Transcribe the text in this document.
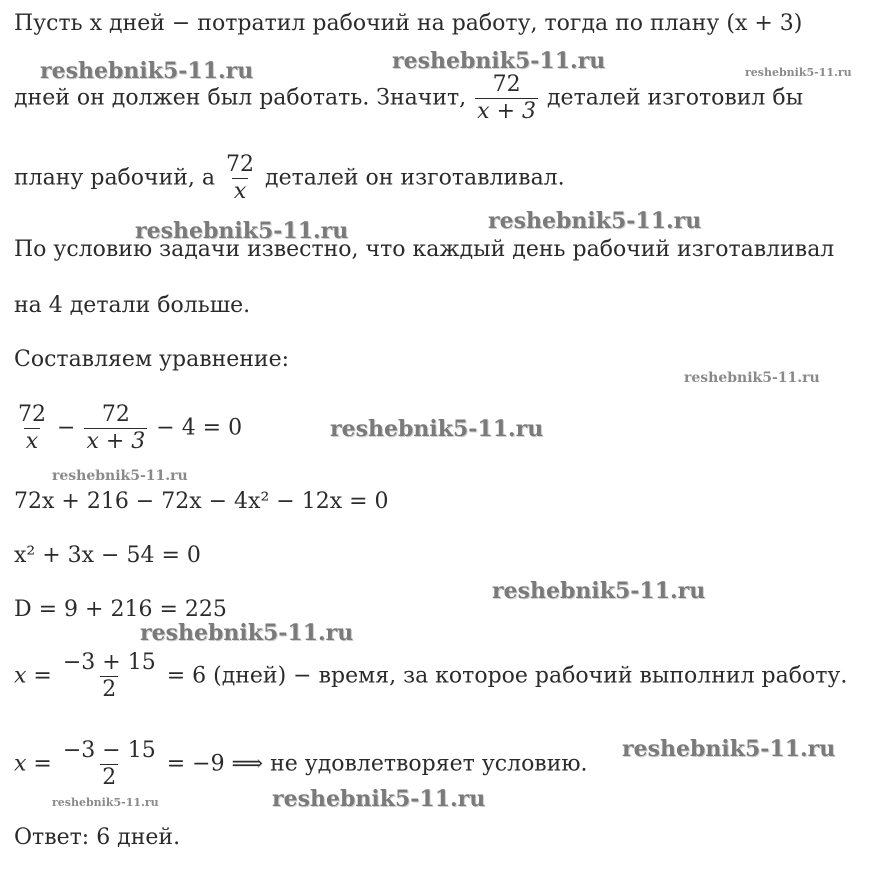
Пусть x дней − потратил рабочий на работу, тогда по плану (x + 3)
дней он должен был работать. Значит, $\frac{72}{x + 3}$ деталей изготовил бы
плану рабочий, а $\frac{72}{x}$ деталей он изготавливал.
По условию задачи известно, что каждый день рабочий изготавливал
на 4 детали больше.
Составляем уравнение:
$\frac{72}{x} - \frac{72}{x + 3} - 4 = 0$
72x + 216 − 72x − 4x² − 12x = 0
x² + 3x − 54 = 0
D = 9 + 216 = 225
$x = \frac{-3 + 15}{2} = 6$ (дней) − время, за которое рабочий выполнил работу.
$x = \frac{-3 - 15}{2} = -9$ ⟹ не удовлетворяет условию.
Ответ: 6 дней.
reshebnik5-11.ru	reshebnik5-11.ru	reshebnik5-11.ru
reshebnik5-11.ru	reshebnik5-11.ru
reshebnik5-11.ru
reshebnik5-11.ru
reshebnik5-11.ru
reshebnik5-11.ru
reshebnik5-11.ru
reshebnik5-11.ru
reshebnik5-11.ru	reshebnik5-11.ru
